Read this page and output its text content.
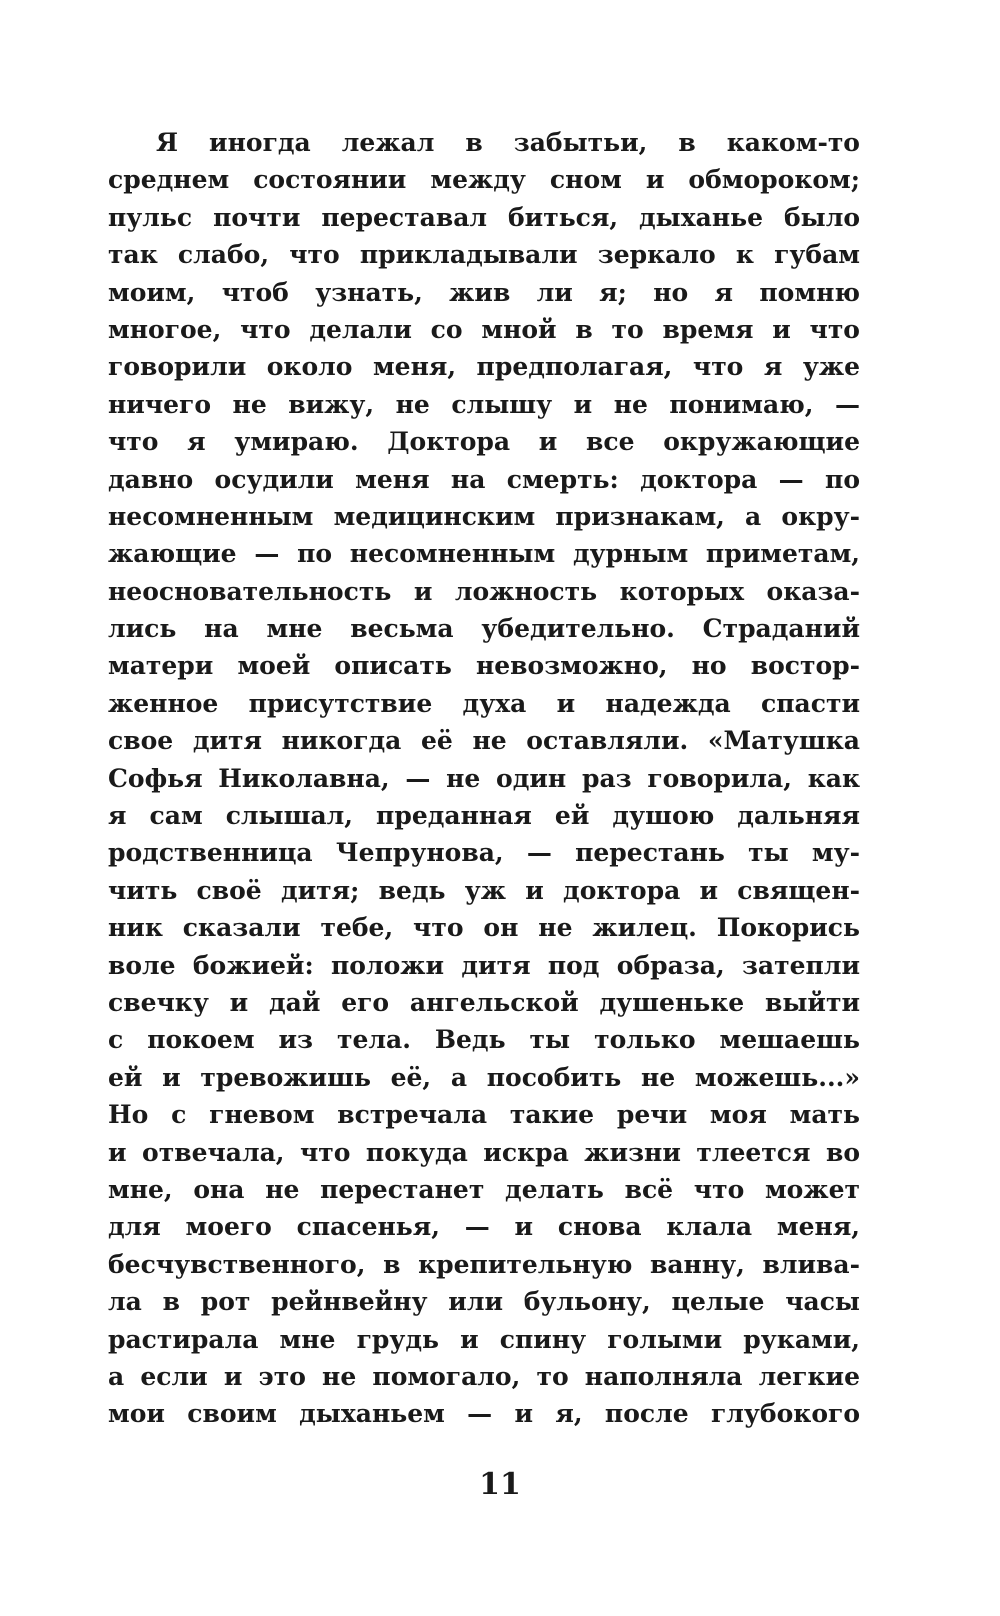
Я иногда лежал в забытьи, в каком-то
среднем состоянии между сном и обмороком;
пульс почти переставал биться, дыханье было
так слабо, что прикладывали зеркало к губам
моим, чтоб узнать, жив ли я; но я помню
многое, что делали со мной в то время и что
говорили около меня, предполагая, что я уже
ничего не вижу, не слышу и не понимаю, —
что я умираю. Доктора и все окружающие
давно осудили меня на смерть: доктора — по
несомненным медицинским признакам, а окру-
жающие — по несомненным дурным приметам,
неосновательность и ложность которых оказа-
лись на мне весьма убедительно. Страданий
матери моей описать невозможно, но востор-
женное присутствие духа и надежда спасти
свое дитя никогда её не оставляли. «Матушка
Софья Николавна, — не один раз говорила, как
я сам слышал, преданная ей душою дальняя
родственница Чепрунова, — перестань ты му-
чить своё дитя; ведь уж и доктора и священ-
ник сказали тебе, что он не жилец. Покорись
воле божией: положи дитя под образа, затепли
свечку и дай его ангельской душеньке выйти
с покоем из тела. Ведь ты только мешаешь
ей и тревожишь её, а пособить не можешь...»
Но с гневом встречала такие речи моя мать
и отвечала, что покуда искра жизни тлеется во
мне, она не перестанет делать всё что может
для моего спасенья, — и снова клала меня,
бесчувственного, в крепительную ванну, влива-
ла в рот рейнвейну или бульону, целые часы
растирала мне грудь и спину голыми руками,
а если и это не помогало, то наполняла легкие
мои своим дыханьем — и я, после глубокого
11
